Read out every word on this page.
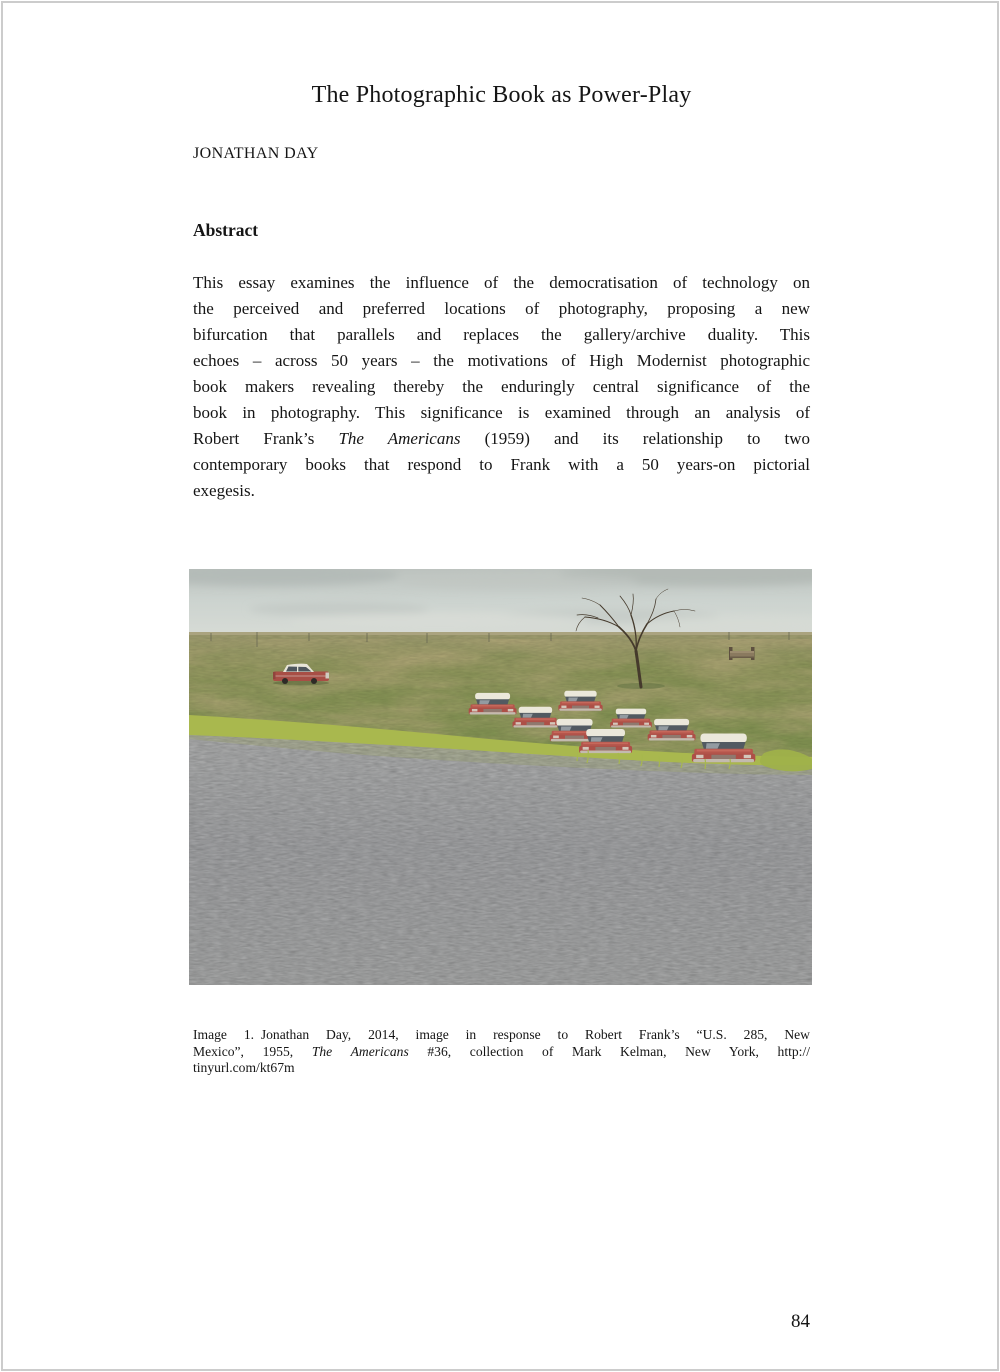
The Photographic Book as Power-Play
JONATHAN DAY
Abstract
This essay examines the influence of the democratisation of technology on
the perceived and preferred locations of photography, proposing a new
bifurcation that parallels and replaces the gallery/archive duality. This
echoes – across 50 years – the motivations of High Modernist photographic
book makers revealing thereby the enduringly central significance of the
book in photography. This significance is examined through an analysis of
Robert Frank’s The Americans (1959) and its relationship to two
contemporary books that respond to Frank with a 50 years-on pictorial
exegesis.
Image 1. Jonathan Day, 2014, image in response to Robert Frank’s “U.S. 285, New
Mexico”, 1955, The Americans #36, collection of Mark Kelman, New York, http://
tinyurl.com/kt67m
84
